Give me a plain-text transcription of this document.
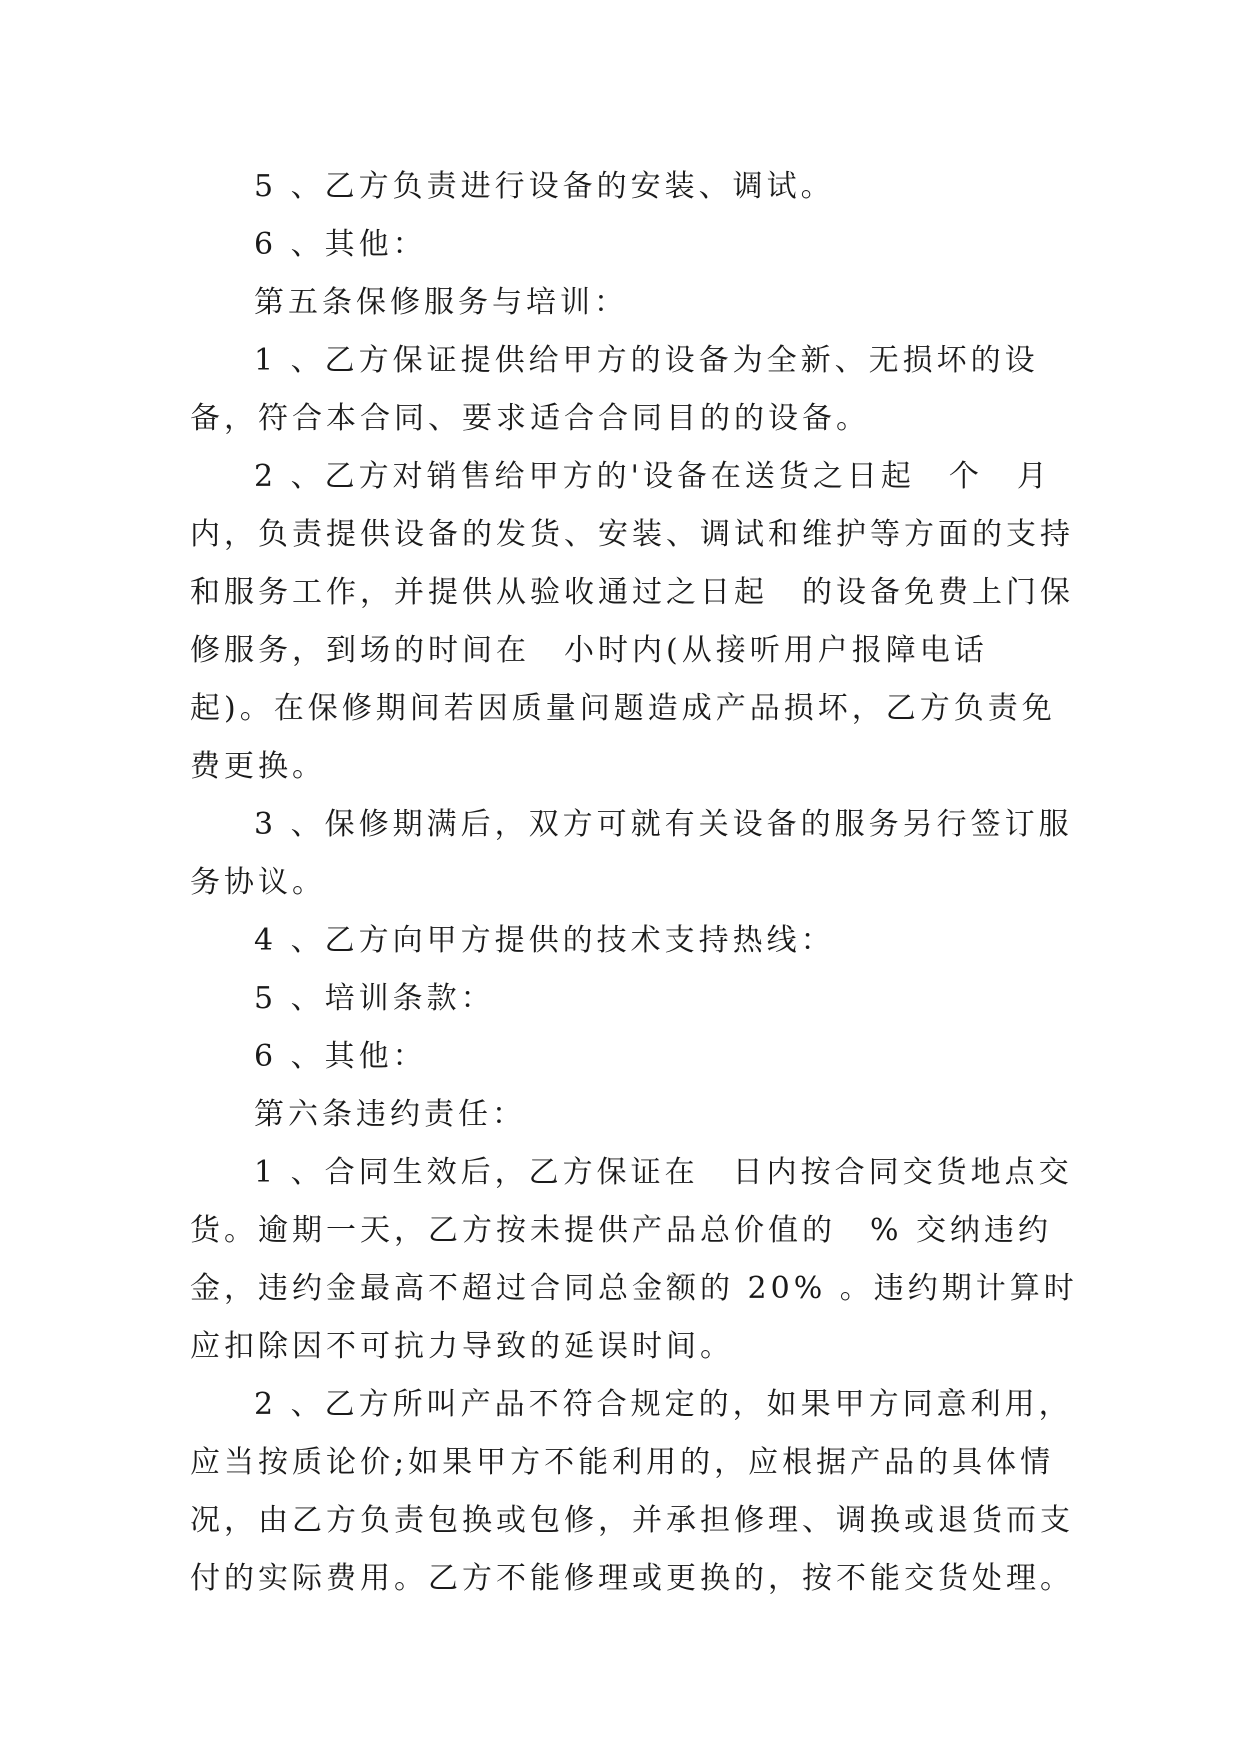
5 、乙方负责进行设备的安装、调试。

6 、其他：

第五条保修服务与培训：

1 、乙方保证提供给甲方的设备为全新、无损坏的设备，符合本合同、要求适合合同目的的设备。

2 、乙方对销售给甲方的'设备在送货之日起　个　月内，负责提供设备的发货、安装、调试和维护等方面的支持和服务工作，并提供从验收通过之日起　的设备免费上门保修服务，到场的时间在　小时内(从接听用户报障电话 起)。在保修期间若因质量问题造成产品损坏，乙方负责免费更换。

3 、保修期满后，双方可就有关设备的服务另行签订服务协议。

4 、乙方向甲方提供的技术支持热线：

5 、培训条款：

6 、其他：

第六条违约责任：

1 、合同生效后，乙方保证在　日内按合同交货地点交货。逾期一天，乙方按未提供产品总价值的　% 交纳违约金，违约金最高不超过合同总金额的 20% 。违约期计算时应扣除因不可抗力导致的延误时间。

2 、乙方所叫产品不符合规定的，如果甲方同意利用，应当按质论价;如果甲方不能利用的，应根据产品的具体情况，由乙方负责包换或包修，并承担修理、调换或退货而支付的实际费用。乙方不能修理或更换的，按不能交货处理。
